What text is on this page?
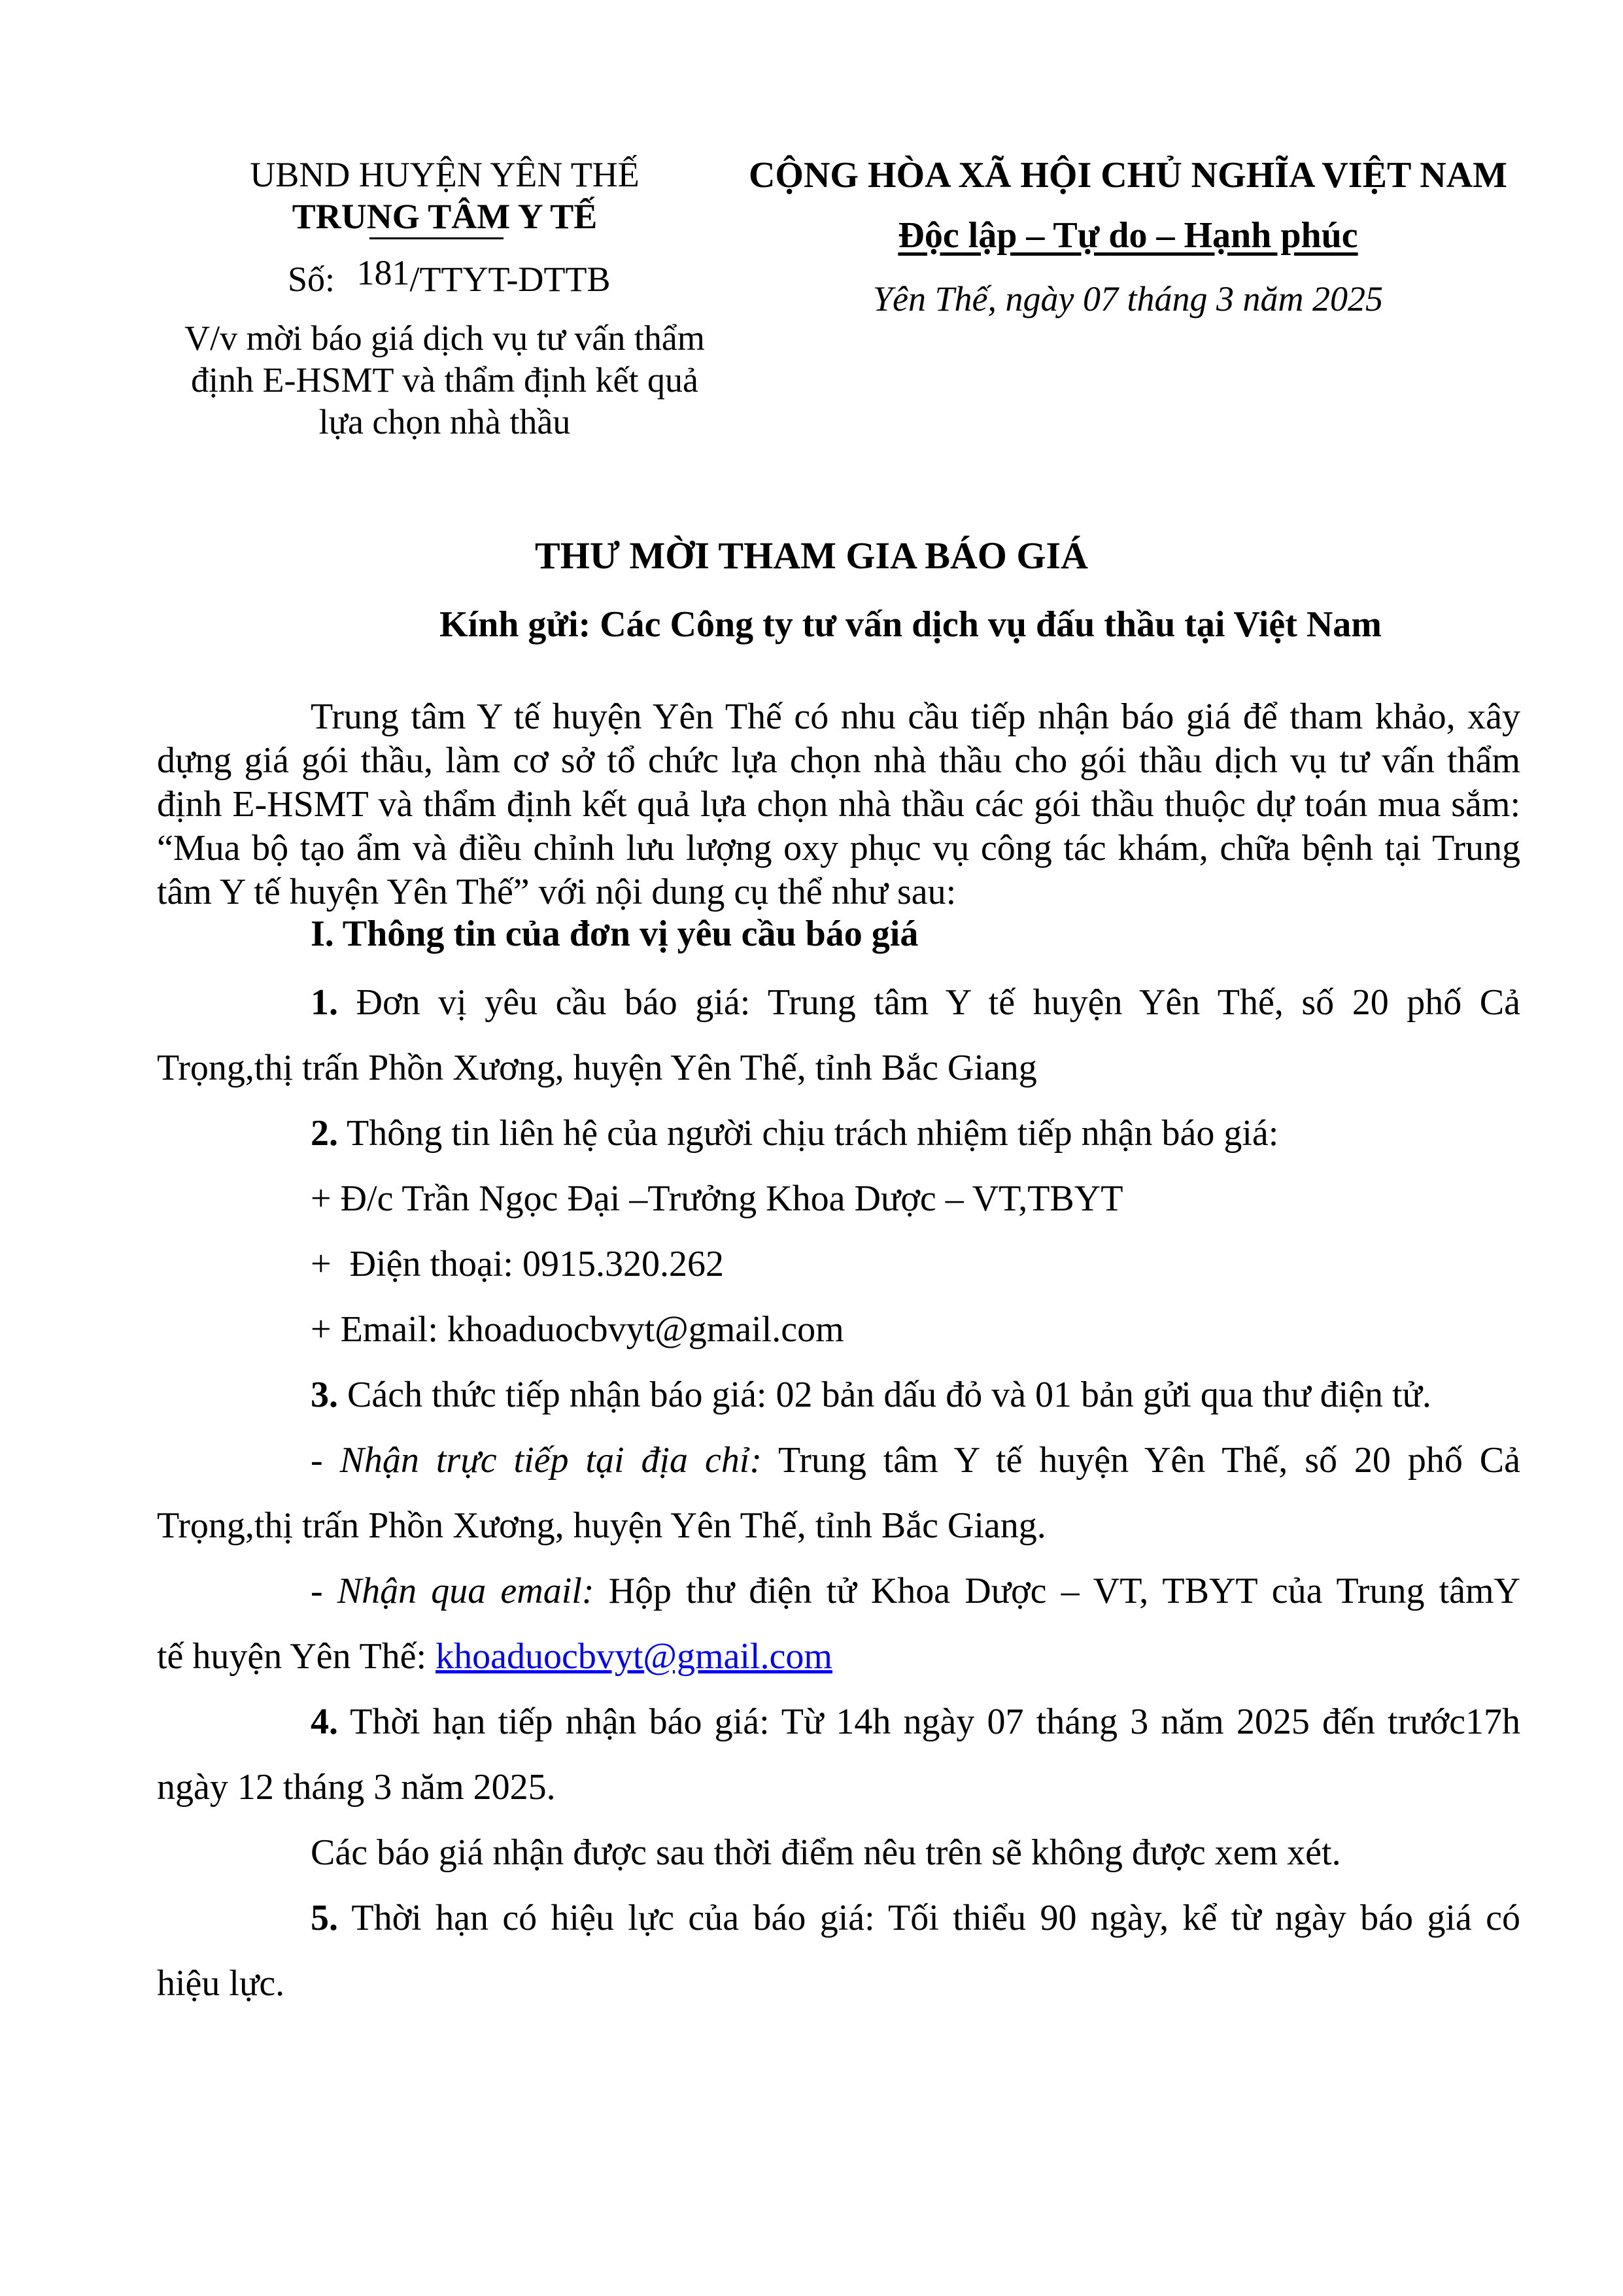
UBND HUYỆN YÊN THẾ
TRUNG TÂM Y TẾ
Số: 181/TTYT-DTTB
V/v mời báo giá dịch vụ tư vấn thẩm
định E-HSMT và thẩm định kết quả
lựa chọn nhà thầu
CỘNG HÒA XÃ HỘI CHỦ NGHĨA VIỆT NAM
Độc lập – Tự do – Hạnh phúc
Yên Thế, ngày 07 tháng 3 năm 2025
THƯ MỜI THAM GIA BÁO GIÁ
Kính gửi: Các Công ty tư vấn dịch vụ đấu thầu tại Việt Nam
Trung tâm Y tế huyện Yên Thế có nhu cầu tiếp nhận báo giá để tham khảo, xây dựng giá gói thầu, làm cơ sở tổ chức lựa chọn nhà thầu cho gói thầu dịch vụ tư vấn thẩm định E-HSMT và thẩm định kết quả lựa chọn nhà thầu các gói thầu thuộc dự toán mua sắm: “Mua bộ tạo ẩm và điều chỉnh lưu lượng oxy phục vụ công tác khám, chữa bệnh tại Trung tâm Y tế huyện Yên Thế” với nội dung cụ thể như sau:
I. Thông tin của đơn vị yêu cầu báo giá
1. Đơn vị yêu cầu báo giá: Trung tâm Y tế huyện Yên Thế, số 20 phố Cả
Trọng,thị trấn Phồn Xương, huyện Yên Thế, tỉnh Bắc Giang
2. Thông tin liên hệ của người chịu trách nhiệm tiếp nhận báo giá:
+ Đ/c Trần Ngọc Đại –Trưởng Khoa Dược – VT,TBYT
+  Điện thoại: 0915.320.262
+ Email: khoaduocbvyt@gmail.com
3. Cách thức tiếp nhận báo giá: 02 bản dấu đỏ và 01 bản gửi qua thư điện tử.
- Nhận trực tiếp tại địa chỉ: Trung tâm Y tế huyện Yên Thế, số 20 phố Cả
Trọng,thị trấn Phồn Xương, huyện Yên Thế, tỉnh Bắc Giang.
- Nhận qua email: Hộp thư điện tử Khoa Dược – VT, TBYT của Trung tâmY
tế huyện Yên Thế: khoaduocbvyt@gmail.com
4. Thời hạn tiếp nhận báo giá: Từ 14h ngày 07 tháng 3 năm 2025 đến trước17h
ngày 12 tháng 3 năm 2025.
Các báo giá nhận được sau thời điểm nêu trên sẽ không được xem xét.
5. Thời hạn có hiệu lực của báo giá: Tối thiểu 90 ngày, kể từ ngày báo giá có
hiệu lực.
